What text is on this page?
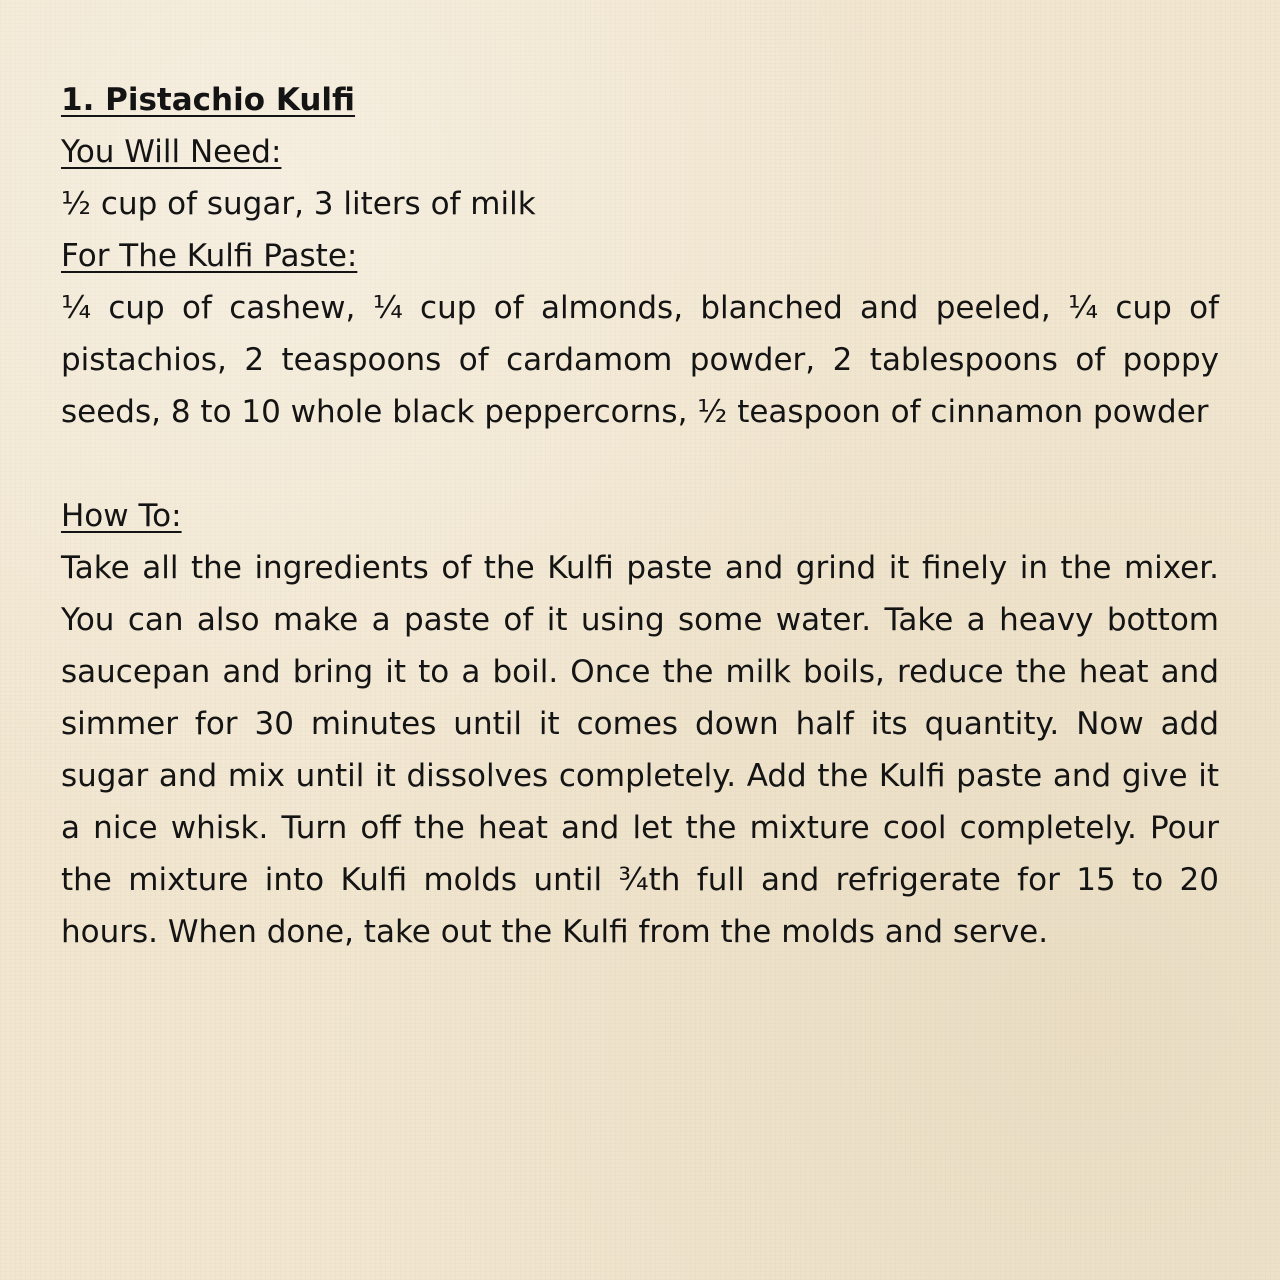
1. Pistachio Kulfi

You Will Need:

½ cup of sugar, 3 liters of milk

For The Kulfi Paste:

¼ cup of cashew, ¼ cup of almonds, blanched and peeled, ¼ cup of pistachios, 2 teaspoons of cardamom powder, 2 tablespoons of poppy seeds, 8 to 10 whole black peppercorns, ½ teaspoon of cinnamon powder

How To:

Take all the ingredients of the Kulfi paste and grind it finely in the mixer. You can also make a paste of it using some water. Take a heavy bottom saucepan and bring it to a boil. Once the milk boils, reduce the heat and simmer for 30 minutes until it comes down half its quantity. Now add sugar and mix until it dissolves completely. Add the Kulfi paste and give it a nice whisk. Turn off the heat and let the mixture cool completely. Pour the mixture into Kulfi molds until ¾th full and refrigerate for 15 to 20 hours. When done, take out the Kulfi from the molds and serve.
